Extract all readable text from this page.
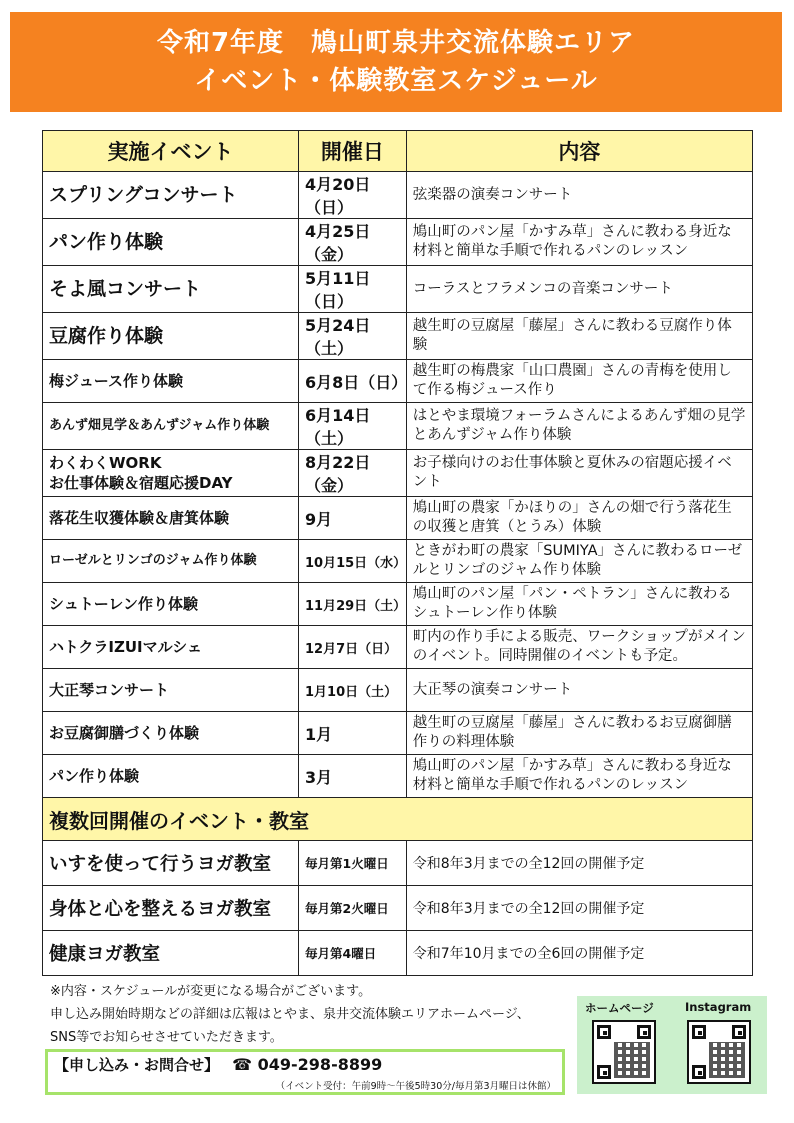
令和7年度　鳩山町泉井交流体験エリア
イベント・体験教室スケジュール
実施イベント	開催日	内容
スプリングコンサート	4月20日（日）	弦楽器の演奏コンサート
パン作り体験	4月25日（金）	鳩山町のパン屋「かすみ草」さんに教わる身近な材料と簡単な手順で作れるパンのレッスン
そよ風コンサート	5月11日（日）	コーラスとフラメンコの音楽コンサート
豆腐作り体験	5月24日（土）	越生町の豆腐屋「藤屋」さんに教わる豆腐作り体験
梅ジュース作り体験	6月8日（日）	越生町の梅農家「山口農園」さんの青梅を使用して作る梅ジュース作り
あんず畑見学＆あんずジャム作り体験	6月14日（土）	はとやま環境フォーラムさんによるあんず畑の見学とあんずジャム作り体験
わくわくWORK
お仕事体験＆宿題応援DAY	8月22日（金）	お子様向けのお仕事体験と夏休みの宿題応援イベント
落花生収獲体験＆唐箕体験	9月	鳩山町の農家「かほりの」さんの畑で行う落花生の収獲と唐箕（とうみ）体験
ローゼルとリンゴのジャム作り体験	10月15日（水）	ときがわ町の農家「SUMIYA」さんに教わるローゼルとリンゴのジャム作り体験
シュトーレン作り体験	11月29日（土）	鳩山町のパン屋「パン・ペトラン」さんに教わるシュトーレン作り体験
ハトクラIZUIマルシェ	12月7日（日）	町内の作り手による販売、ワークショップがメインのイベント。同時開催のイベントも予定。
大正琴コンサート	1月10日（土）	大正琴の演奏コンサート
お豆腐御膳づくり体験	1月	越生町の豆腐屋「藤屋」さんに教わるお豆腐御膳作りの料理体験
パン作り体験	3月	鳩山町のパン屋「かすみ草」さんに教わる身近な材料と簡単な手順で作れるパンのレッスン
複数回開催のイベント・教室		
いすを使って行うヨガ教室	毎月第1火曜日	令和8年3月までの全12回の開催予定
身体と心を整えるヨガ教室	毎月第2火曜日	令和8年3月までの全12回の開催予定
健康ヨガ教室	毎月第4曜日	令和7年10月までの全6回の開催予定
※内容・スケジュールが変更になる場合がございます。
申し込み開始時期などの詳細は広報はとやま、泉井交流体験エリアホームページ、
SNS等でお知らせさせていただきます。
【申し込み・お問合せ】 ☎ 049-298-8899
（イベント受付：午前9時～午後5時30分/毎月第3月曜日は休館）
ホームページ	Instagram
